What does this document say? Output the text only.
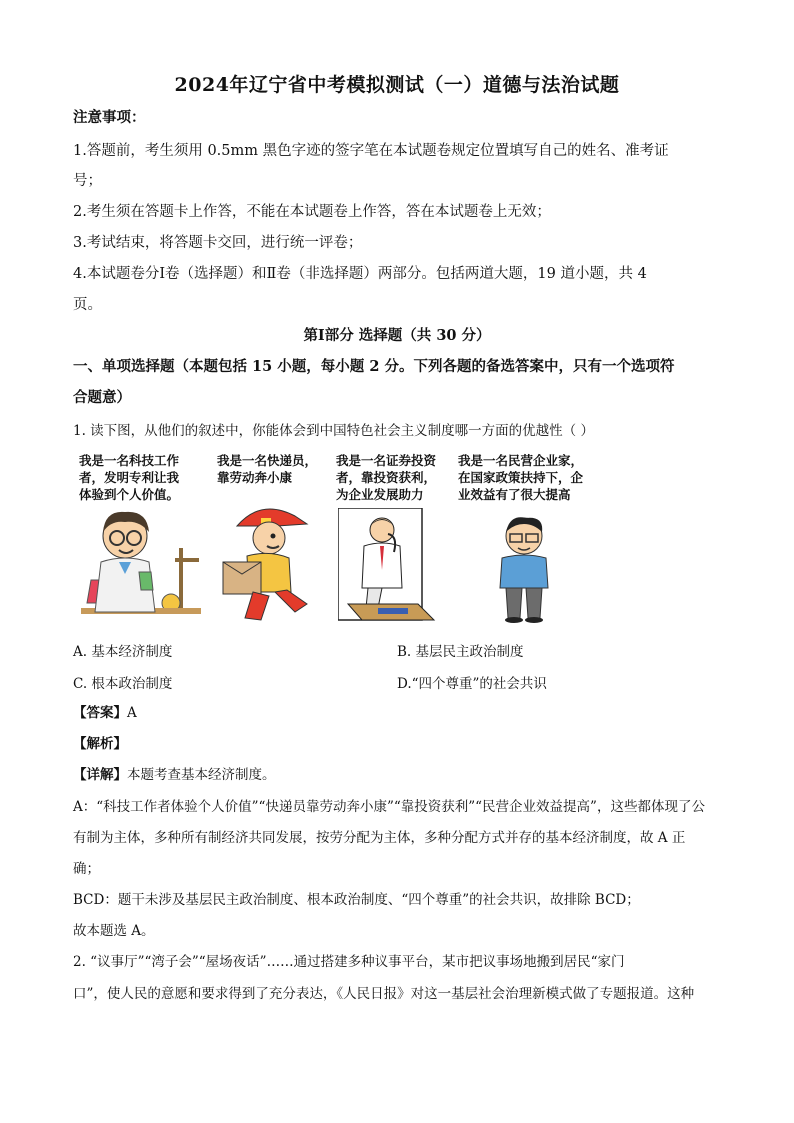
2024年辽宁省中考模拟测试（一）道德与法治试题
注意事项：
1.答题前，考生须用 0.5mm 黑色字迹的签字笔在本试题卷规定位置填写自己的姓名、准考证
号；
2.考生须在答题卡上作答，不能在本试题卷上作答，答在本试题卷上无效；
3.考试结束，将答题卡交回，进行统一评卷；
4.本试题卷分Ⅰ卷（选择题）和Ⅱ卷（非选择题）两部分。包括两道大题，19 道小题，共 4
页。
第Ⅰ部分 选择题（共 30 分）
一、单项选择题（本题包括 15 小题，每小题 2 分。下列各题的备选答案中，只有一个选项符
合题意）
1. 读下图，从他们的叙述中，你能体会到中国特色社会主义制度哪一方面的优越性（ ）
我是一名科技工作
者，发明专利让我
体验到个人价值。
我是一名快递员，
靠劳动奔小康
我是一名证券投资
者，靠投资获利，
为企业发展助力
我是一名民营企业家，
在国家政策扶持下，企
业效益有了很大提高
A. 基本经济制度	B. 基层民主政治制度
C. 根本政治制度	D.“四个尊重”的社会共识
【答案】A
【解析】
【详解】本题考查基本经济制度。
A：“科技工作者体验个人价值”“快递员靠劳动奔小康”“靠投资获利”“民营企业效益提高”，这些都体现了公
有制为主体，多种所有制经济共同发展，按劳分配为主体，多种分配方式并存的基本经济制度，故 A 正
确；
BCD：题干未涉及基层民主政治制度、根本政治制度、“四个尊重”的社会共识，故排除 BCD；
故本题选 A。
2. “议事厅”“湾子会”“屋场夜话”……通过搭建多种议事平台，某市把议事场地搬到居民“家门
口”，使人民的意愿和要求得到了充分表达，《人民日报》对这一基层社会治理新模式做了专题报道。这种
